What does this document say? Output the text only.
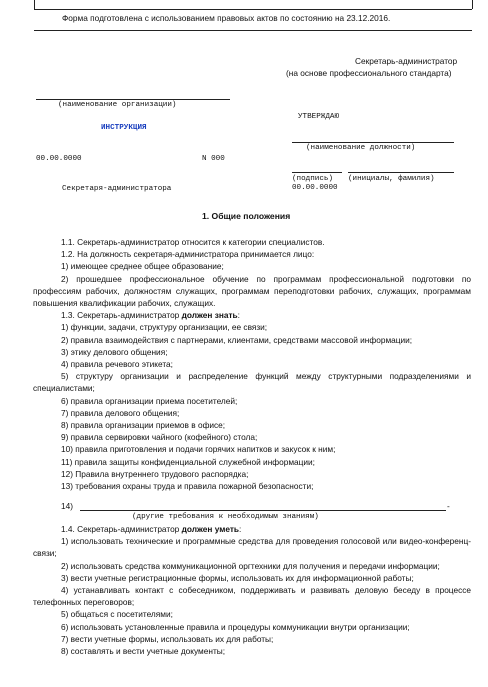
Форма подготовлена с использованием правовых актов по состоянию на 23.12.2016.
Секретарь-администратор
(на основе профессионального стандарта)
(наименование организации)
ИНСТРУКЦИЯ
УТВЕРЖДАЮ
(наименование должности)
(подпись) (инициалы, фамилия)
00.00.0000
00.00.0000	N 000
Секретаря-администратора
1. Общие положения

1.1. Секретарь-администратор относится к категории специалистов.

1.2. На должность секретаря-администратора принимается лицо:

1) имеющее среднее общее образование;

2) прошедшее профессиональное обучение по программам профессиональной подготовки по профессиям рабочих, должностям служащих, программам переподготовки рабочих, служащих, программам повышения квалификации рабочих, служащих.

1.3. Секретарь-администратор должен знать:

1) функции, задачи, структуру организации, ее связи;

2) правила взаимодействия с партнерами, клиентами, средствами массовой информации;

3) этику делового общения;

4) правила речевого этикета;

5) структуру организации и распределение функций между структурными подразделениями и специалистами;

6) правила организации приема посетителей;

7) правила делового общения;

8) правила организации приемов в офисе;

9) правила сервировки чайного (кофейного) стола;

10) правила приготовления и подачи горячих напитков и закусок к ним;

11) правила защиты конфиденциальной служебной информации;

12) Правила внутреннего трудового распорядка;

13) требования охраны труда и правила пожарной безопасности;

14)	-
(другие требования к необходимым знаниям)

1.4. Секретарь-администратор должен уметь:

1) использовать технические и программные средства для проведения голосовой или видео-конференц-связи;

2) использовать средства коммуникационной оргтехники для получения и передачи информации;

3) вести учетные регистрационные формы, использовать их для информационной работы;

4) устанавливать контакт с собеседником, поддерживать и развивать деловую беседу в процессе телефонных переговоров;

5) общаться с посетителями;

6) использовать установленные правила и процедуры коммуникации внутри организации;

7) вести учетные формы, использовать их для работы;

8) составлять и вести учетные документы;
